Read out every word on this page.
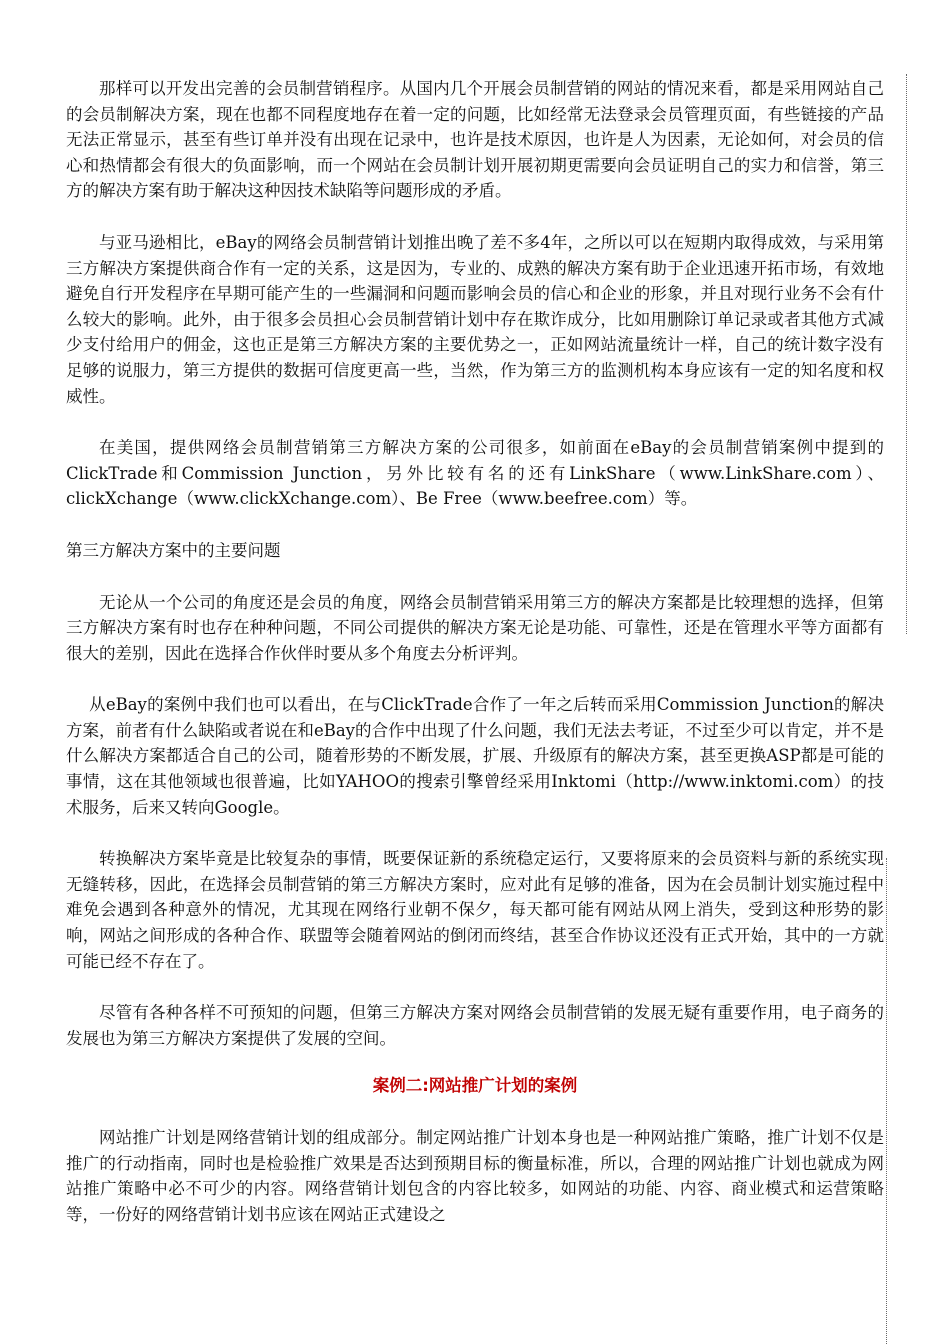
那样可以开发出完善的会员制营销程序。从国内几个开展会员制营销的网站的情况来看，都是采用网站自己的会员制解决方案，现在也都不同程度地存在着一定的问题，比如经常无法登录会员管理页面，有些链接的产品无法正常显示，甚至有些订单并没有出现在记录中，也许是技术原因，也许是人为因素，无论如何，对会员的信心和热情都会有很大的负面影响，而一个网站在会员制计划开展初期更需要向会员证明自己的实力和信誉，第三方的解决方案有助于解决这种因技术缺陷等问题形成的矛盾。

与亚马逊相比，eBay的网络会员制营销计划推出晚了差不多4年，之所以可以在短期内取得成效，与采用第三方解决方案提供商合作有一定的关系，这是因为，专业的、成熟的解决方案有助于企业迅速开拓市场，有效地避免自行开发程序在早期可能产生的一些漏洞和问题而影响会员的信心和企业的形象，并且对现行业务不会有什么较大的影响。此外，由于很多会员担心会员制营销计划中存在欺诈成分，比如用删除订单记录或者其他方式减少支付给用户的佣金，这也正是第三方解决方案的主要优势之一，正如网站流量统计一样，自己的统计数字没有足够的说服力，第三方提供的数据可信度更高一些，当然，作为第三方的监测机构本身应该有一定的知名度和权威性。

在美国，提供网络会员制营销第三方解决方案的公司很多，如前面在eBay的会员制营销案例中提到的ClickTrade和Commission Junction，另外比较有名的还有LinkShare（www.LinkShare.com）、clickXchange（www.clickXchange.com）、Be Free（www.beefree.com）等。

第三方解决方案中的主要问题

无论从一个公司的角度还是会员的角度，网络会员制营销采用第三方的解决方案都是比较理想的选择，但第三方解决方案有时也存在种种问题，不同公司提供的解决方案无论是功能、可靠性，还是在管理水平等方面都有很大的差别，因此在选择合作伙伴时要从多个角度去分析评判。

从eBay的案例中我们也可以看出，在与ClickTrade合作了一年之后转而采用Commission Junction的解决方案，前者有什么缺陷或者说在和eBay的合作中出现了什么问题，我们无法去考证，不过至少可以肯定，并不是什么解决方案都适合自己的公司，随着形势的不断发展，扩展、升级原有的解决方案，甚至更换ASP都是可能的事情，这在其他领域也很普遍，比如YAHOO的搜索引擎曾经采用Inktomi（http://www.inktomi.com）的技术服务，后来又转向Google。

转换解决方案毕竟是比较复杂的事情，既要保证新的系统稳定运行，又要将原来的会员资料与新的系统实现无缝转移，因此，在选择会员制营销的第三方解决方案时，应对此有足够的准备，因为在会员制计划实施过程中难免会遇到各种意外的情况，尤其现在网络行业朝不保夕，每天都可能有网站从网上消失，受到这种形势的影响，网站之间形成的各种合作、联盟等会随着网站的倒闭而终结，甚至合作协议还没有正式开始，其中的一方就可能已经不存在了。

尽管有各种各样不可预知的问题，但第三方解决方案对网络会员制营销的发展无疑有重要作用，电子商务的发展也为第三方解决方案提供了发展的空间。

案例二:网站推广计划的案例

网站推广计划是网络营销计划的组成部分。制定网站推广计划本身也是一种网站推广策略，推广计划不仅是推广的行动指南，同时也是检验推广效果是否达到预期目标的衡量标准，所以，合理的网站推广计划也就成为网站推广策略中必不可少的内容。网络营销计划包含的内容比较多，如网站的功能、内容、商业模式和运营策略等，一份好的网络营销计划书应该在网站正式建设之
